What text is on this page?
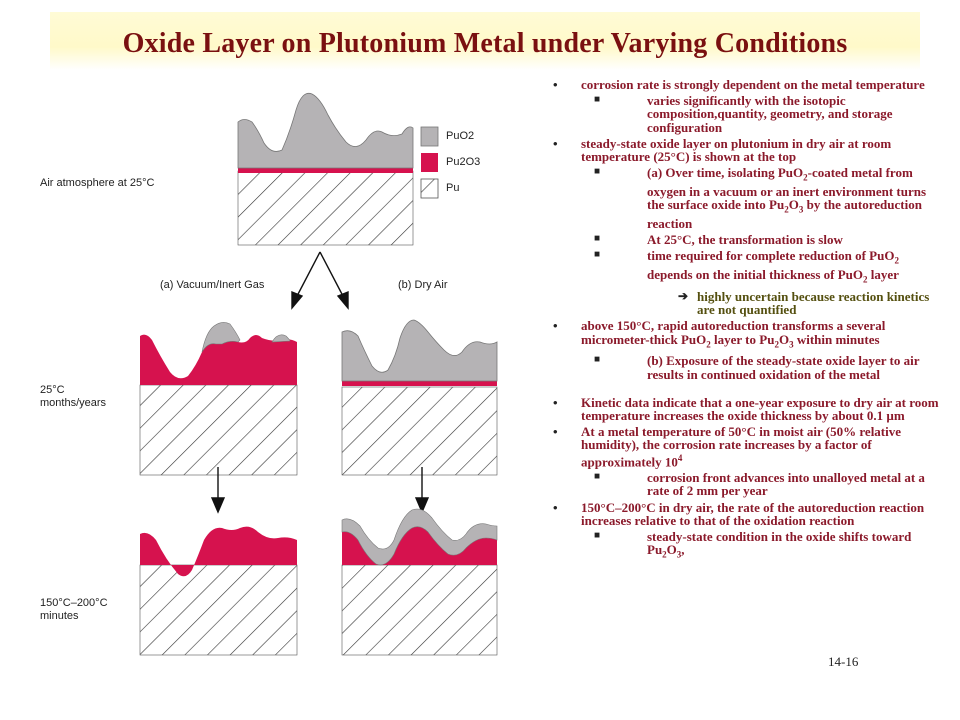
Oxide Layer on Plutonium Metal under Varying Conditions
PuO2
Pu2O3
Pu
Air atmosphere at 25°C
(a) Vacuum/Inert Gas	(b) Dry Air
25°C
months/years
150°C–200°C
minutes
• corrosion rate is strongly dependent on the metal temperature
■	varies significantly with the isotopic composition,quantity, geometry, and storage configuration
• steady-state oxide layer on plutonium in dry air at room temperature (25°C) is shown at the top
■	(a) Over time, isolating PuO$_2$-coated metal from oxygen in a vacuum or an inert environment turns the surface oxide into $Pu_2O_3$ by the autoreduction reaction
■	At 25°C, the transformation is slow
■	time required for complete reduction of PuO$_2$ depends on the initial thickness of PuO$_2$ layer
➔ highly uncertain because reaction kinetics are not quantified
• above 150°C, rapid autoreduction transforms a several micrometer-thick PuO$_2$ layer to $Pu_2O_3$ within minutes
■	(b) Exposure of the steady-state oxide layer to air results in continued oxidation of the metal
• Kinetic data indicate that a one-year exposure to dry air at room temperature increases the oxide thickness by about 0.1 µm
• At a metal temperature of 50°C in moist air (50% relative humidity), the corrosion rate increases by a factor of approximately $10^4$
■	corrosion front advances into unalloyed metal at a rate of 2 mm per year
• 150°C–200°C in dry air, the rate of the autoreduction reaction increases relative to that of the oxidation reaction
■	steady-state condition in the oxide shifts toward $Pu_2O_3$,
14-16
